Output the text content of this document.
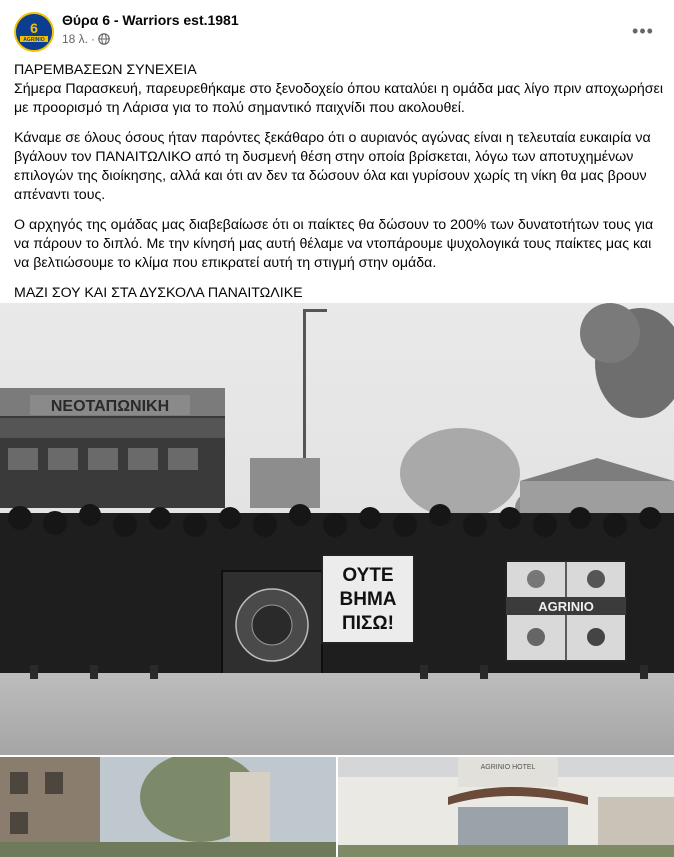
6
AGRINIO
Θύρα 6 - Warriors est.1981
18 λ. ·	•••

ΠΑΡΕΜΒΑΣΕΩΝ ΣΥΝΕΧΕΙΑ
Σήμερα Παρασκευή, παρευρεθήκαμε στο ξενοδοχείο όπου καταλύει η ομάδα μας λίγο πριν αποχωρήσει με προορισμό τη Λάρισα για το πολύ σημαντικό παιχνίδι που ακολουθεί.

Κάναμε σε όλους όσους ήταν παρόντες ξεκάθαρο ότι ο αυριανός αγώνας είναι η τελευταία ευκαιρία να βγάλουν τον ΠΑΝΑΙΤΩΛΙΚΟ από τη δυσμενή θέση στην οποία βρίσκεται, λόγω των αποτυχημένων επιλογών της διοίκησης, αλλά και ότι αν δεν τα δώσουν όλα και γυρίσουν χωρίς τη νίκη θα μας βρουν απέναντι τους.

Ο αρχηγός της ομάδας μας διαβεβαίωσε ότι οι παίκτες θα δώσουν το 200% των δυνατοτήτων τους για να πάρουν το διπλό. Με την κίνησή μας αυτή θέλαμε να ντοπάρουμε ψυχολογικά τους παίκτες μας και να βελτιώσουμε το κλίμα που επικρατεί αυτή τη στιγμή στην ομάδα.

ΜΑΖΙ ΣΟΥ ΚΑΙ ΣΤΑ ΔΥΣΚΟΛΑ ΠΑΝΑΙΤΩΛΙΚΕ

ΝΕΟΤΑΠΩΝΙΚΗ
ΟΥΤΕ
ΒΗΜΑ
ΠΙΣΩ!
AGRINIO
AGRINIO HOTEL
